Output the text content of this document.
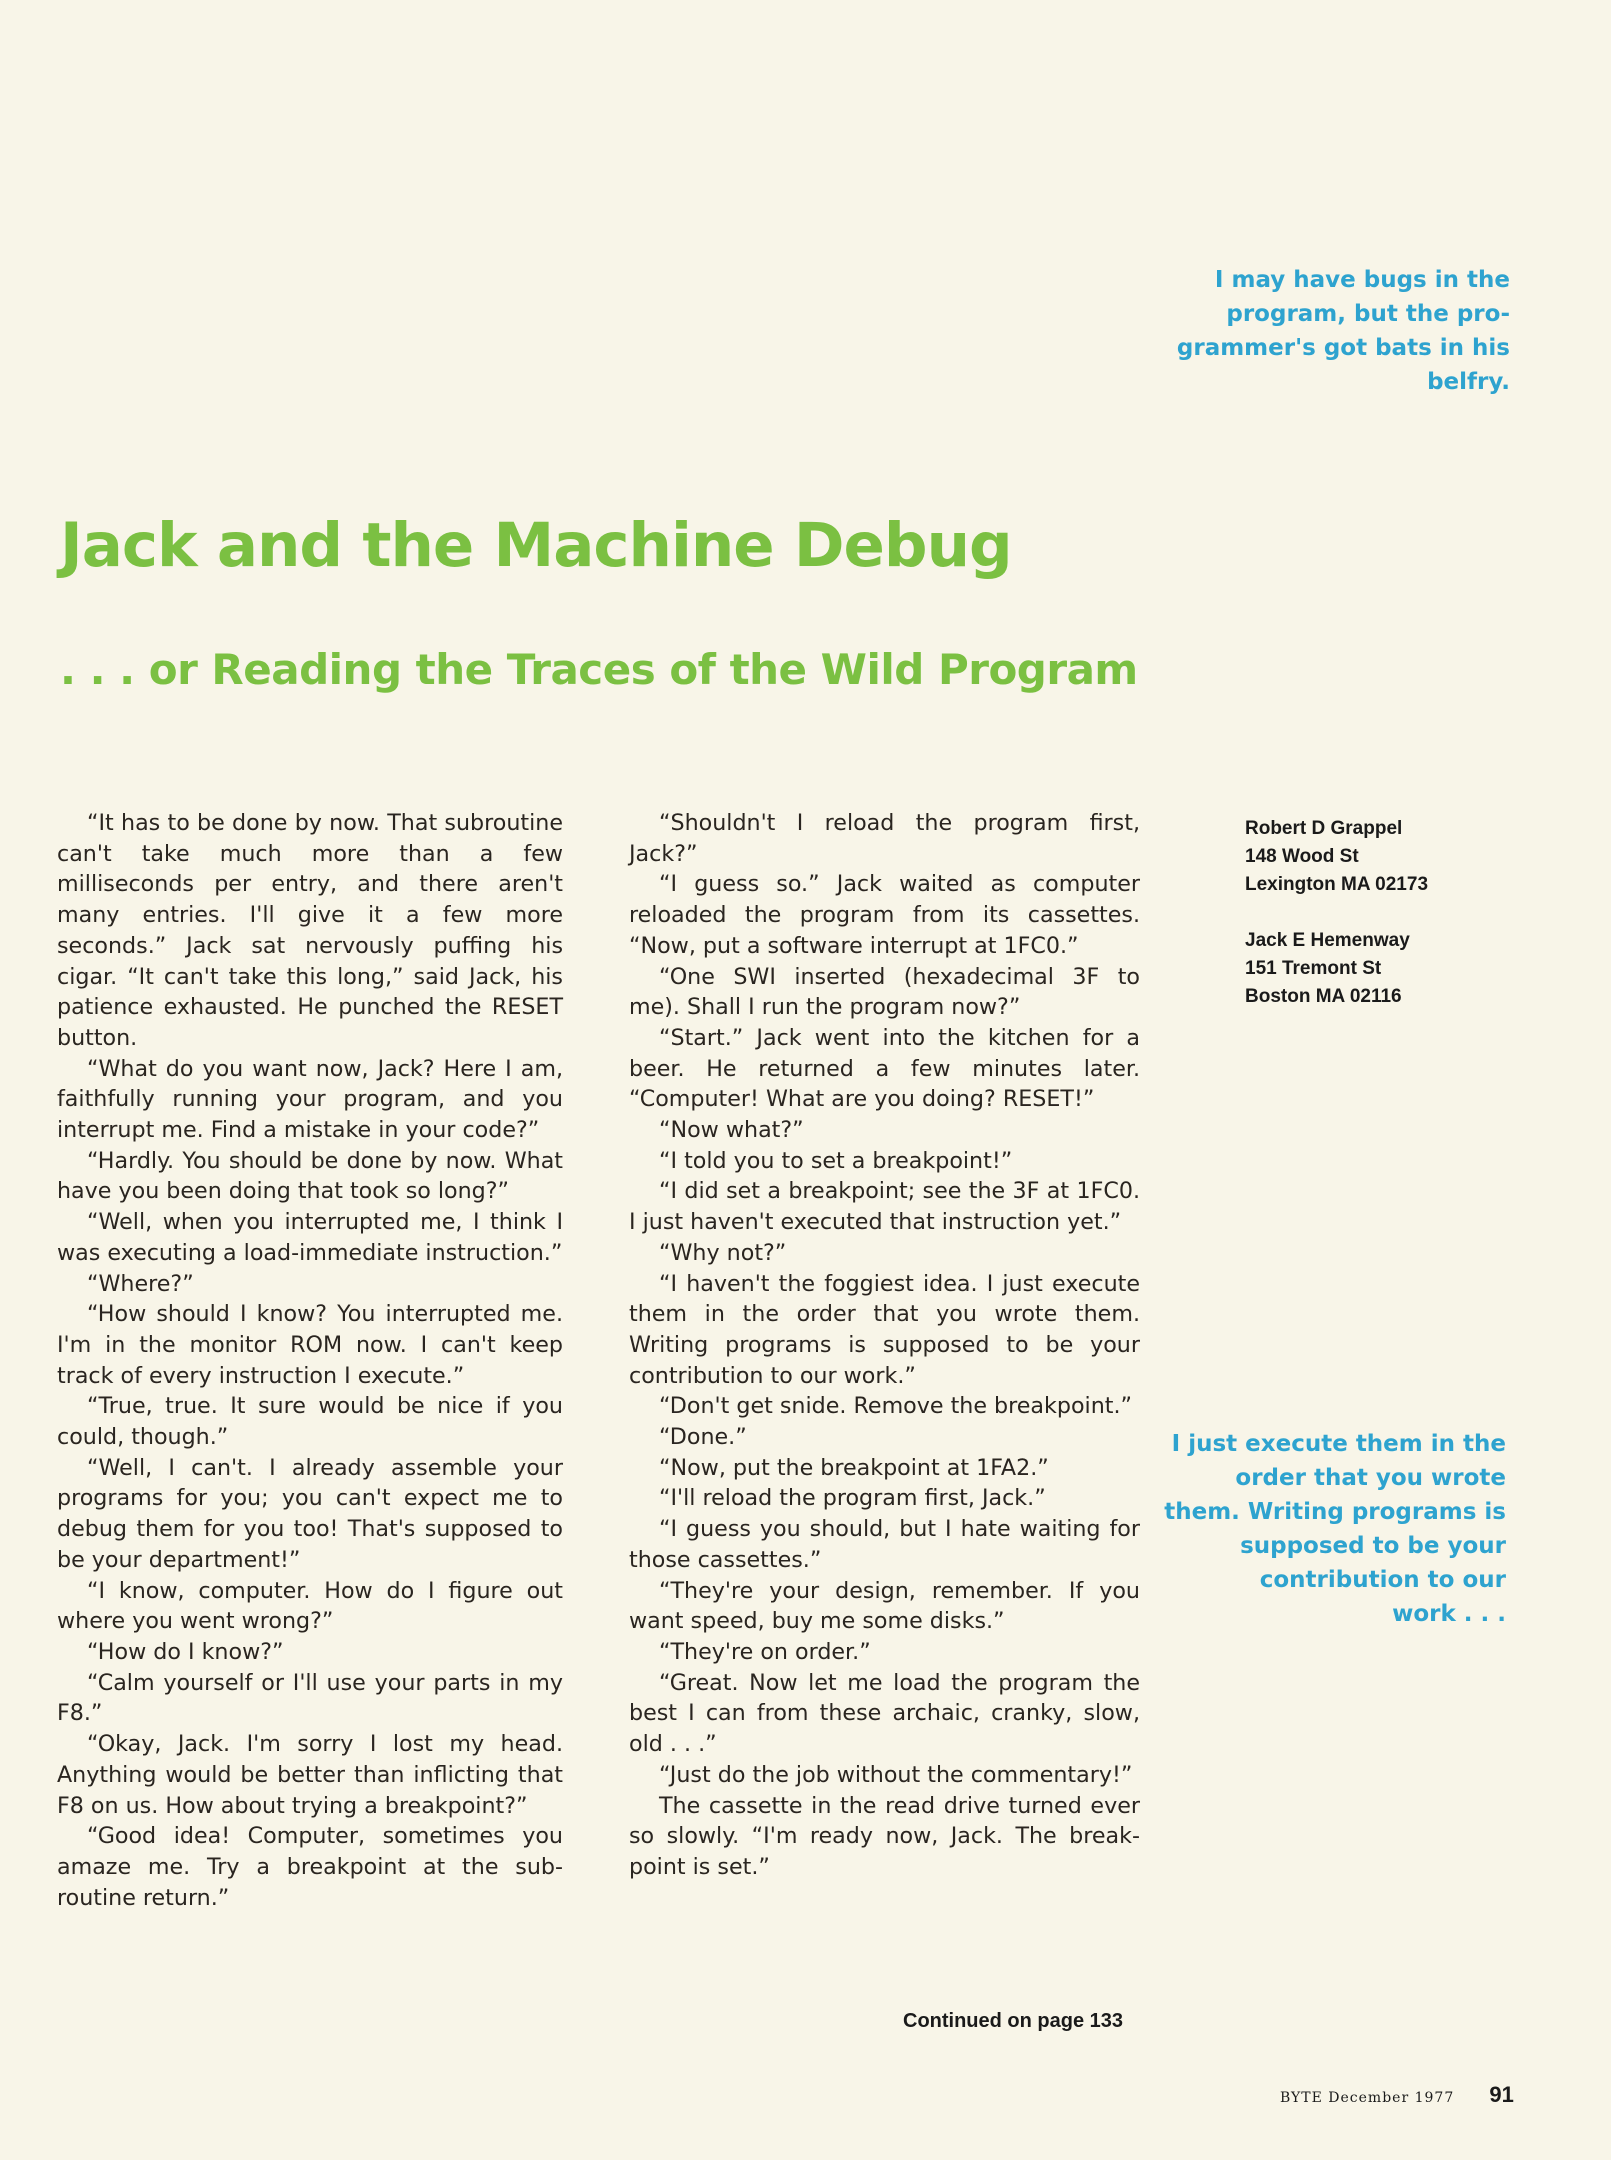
I may have bugs in the
program, but the pro-
grammer's got bats in his
belfry.
Jack and the Machine Debug
. . . or Reading the Traces of the Wild Program

“It has to be done by now. That subroutine can't take much more than a few milliseconds per entry, and there aren't many entries. I'll give it a few more seconds.” Jack sat nervously puffing his cigar. “It can't take this long,” said Jack, his patience exhausted. He punched the RESET button.

“What do you want now, Jack? Here I am, faithfully running your program, and you interrupt me. Find a mistake in your code?”

“Hardly. You should be done by now. What have you been doing that took so long?”

“Well, when you interrupted me, I think I was executing a load-immediate instruction.”

“Where?”

“How should I know? You interrupted me. I'm in the monitor ROM now. I can't keep track of every instruction I execute.”

“True, true. It sure would be nice if you could, though.”

“Well, I can't. I already assemble your programs for you; you can't expect me to debug them for you too! That's supposed to be your department!”

“I know, computer. How do I figure out where you went wrong?”

“How do I know?”

“Calm yourself or I'll use your parts in my F8.”

“Okay, Jack. I'm sorry I lost my head. Anything would be better than inflicting that F8 on us. How about trying a breakpoint?”

“Good idea! Computer, sometimes you amaze me. Try a breakpoint at the subroutine return.”

“Shouldn't I reload the program first, Jack?”

“I guess so.” Jack waited as computer reloaded the program from its cassettes. “Now, put a software interrupt at 1FC0.”

“One SWI inserted (hexadecimal 3F to me). Shall I run the program now?”

“Start.” Jack went into the kitchen for a beer. He returned a few minutes later. “Computer! What are you doing? RESET!”

“Now what?”

“I told you to set a breakpoint!”

“I did set a breakpoint; see the 3F at 1FC0. I just haven't executed that instruction yet.”

“Why not?”

“I haven't the foggiest idea. I just execute them in the order that you wrote them. Writing programs is supposed to be your contribution to our work.”

“Don't get snide. Remove the breakpoint.”

“Done.”

“Now, put the breakpoint at 1FA2.”

“I'll reload the program first, Jack.”

“I guess you should, but I hate waiting for those cassettes.”

“They're your design, remember. If you want speed, buy me some disks.”

“They're on order.”

“Great. Now let me load the program the best I can from these archaic, cranky, slow, old . . .”

“Just do the job without the commentary!”

The cassette in the read drive turned ever so slowly. “I'm ready now, Jack. The breakpoint is set.”

Robert D Grappel
148 Wood St
Lexington MA 02173
Jack E Hemenway
151 Tremont St
Boston MA 02116
I just execute them in the
order that you wrote
them. Writing programs is
supposed to be your
contribution to our
work . . .
Continued on page 133
BYTE December 1977 91
